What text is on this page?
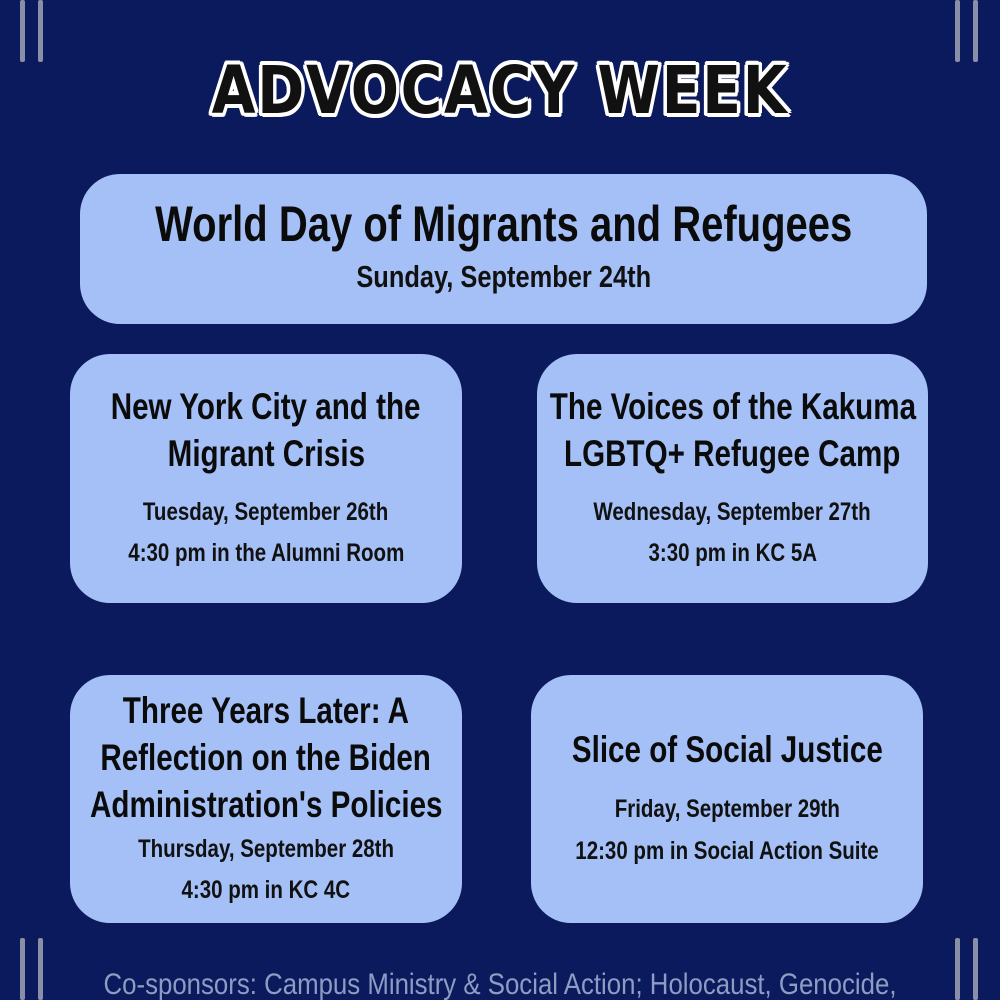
ADVOCACY WEEK
World Day of Migrants and Refugees
Sunday, September 24th
New York City and the
Migrant Crisis
Tuesday, September 26th
4:30 pm in the Alumni Room
The Voices of the Kakuma
LGBTQ+ Refugee Camp
Wednesday, September 27th
3:30 pm in KC 5A
Three Years Later: A
Reflection on the Biden
Administration's Policies
Thursday, September 28th
4:30 pm in KC 4C
Slice of Social Justice
Friday, September 29th
12:30 pm in Social Action Suite
Co-sponsors: Campus Ministry & Social Action; Holocaust, Genocide,
